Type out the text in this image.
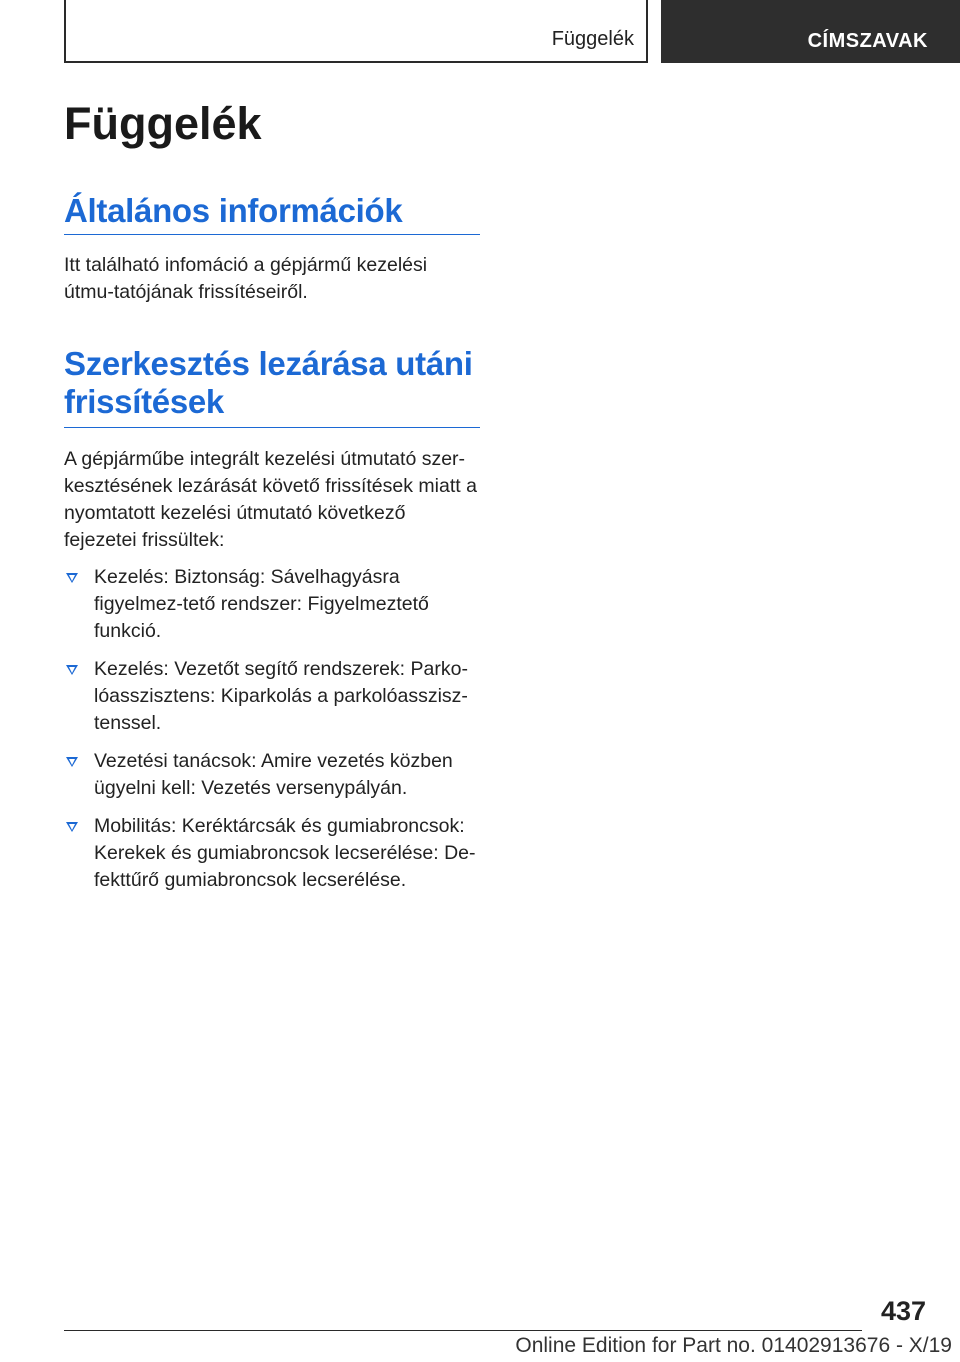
Függelék	CÍMSZAVAK
Függelék
Általános információk

Itt található infomáció a gépjármű kezelési útmu-tatójának frissítéseiről.

Szerkesztés lezárása utáni frissítések

A gépjárműbe integrált kezelési útmutató szer-kesztésének lezárását követő frissítések miatt a nyomtatott kezelési útmutató következő fejezetei frissültek:

Kezelés: Biztonság: Sávelhagyásra figyelmez-tető rendszer: Figyelmeztető funkció.
Kezelés: Vezetőt segítő rendszerek: Parko-lóasszisztens: Kiparkolás a parkolóasszisz-tenssel.
Vezetési tanácsok: Amire vezetés közben ügyelni kell: Vezetés versenypályán.
Mobilitás: Keréktárcsák és gumiabroncsok: Kerekek és gumiabroncsok lecserélése: De-fekttűrő gumiabroncsok lecserélése.
437
Online Edition for Part no. 01402913676 - X/19
